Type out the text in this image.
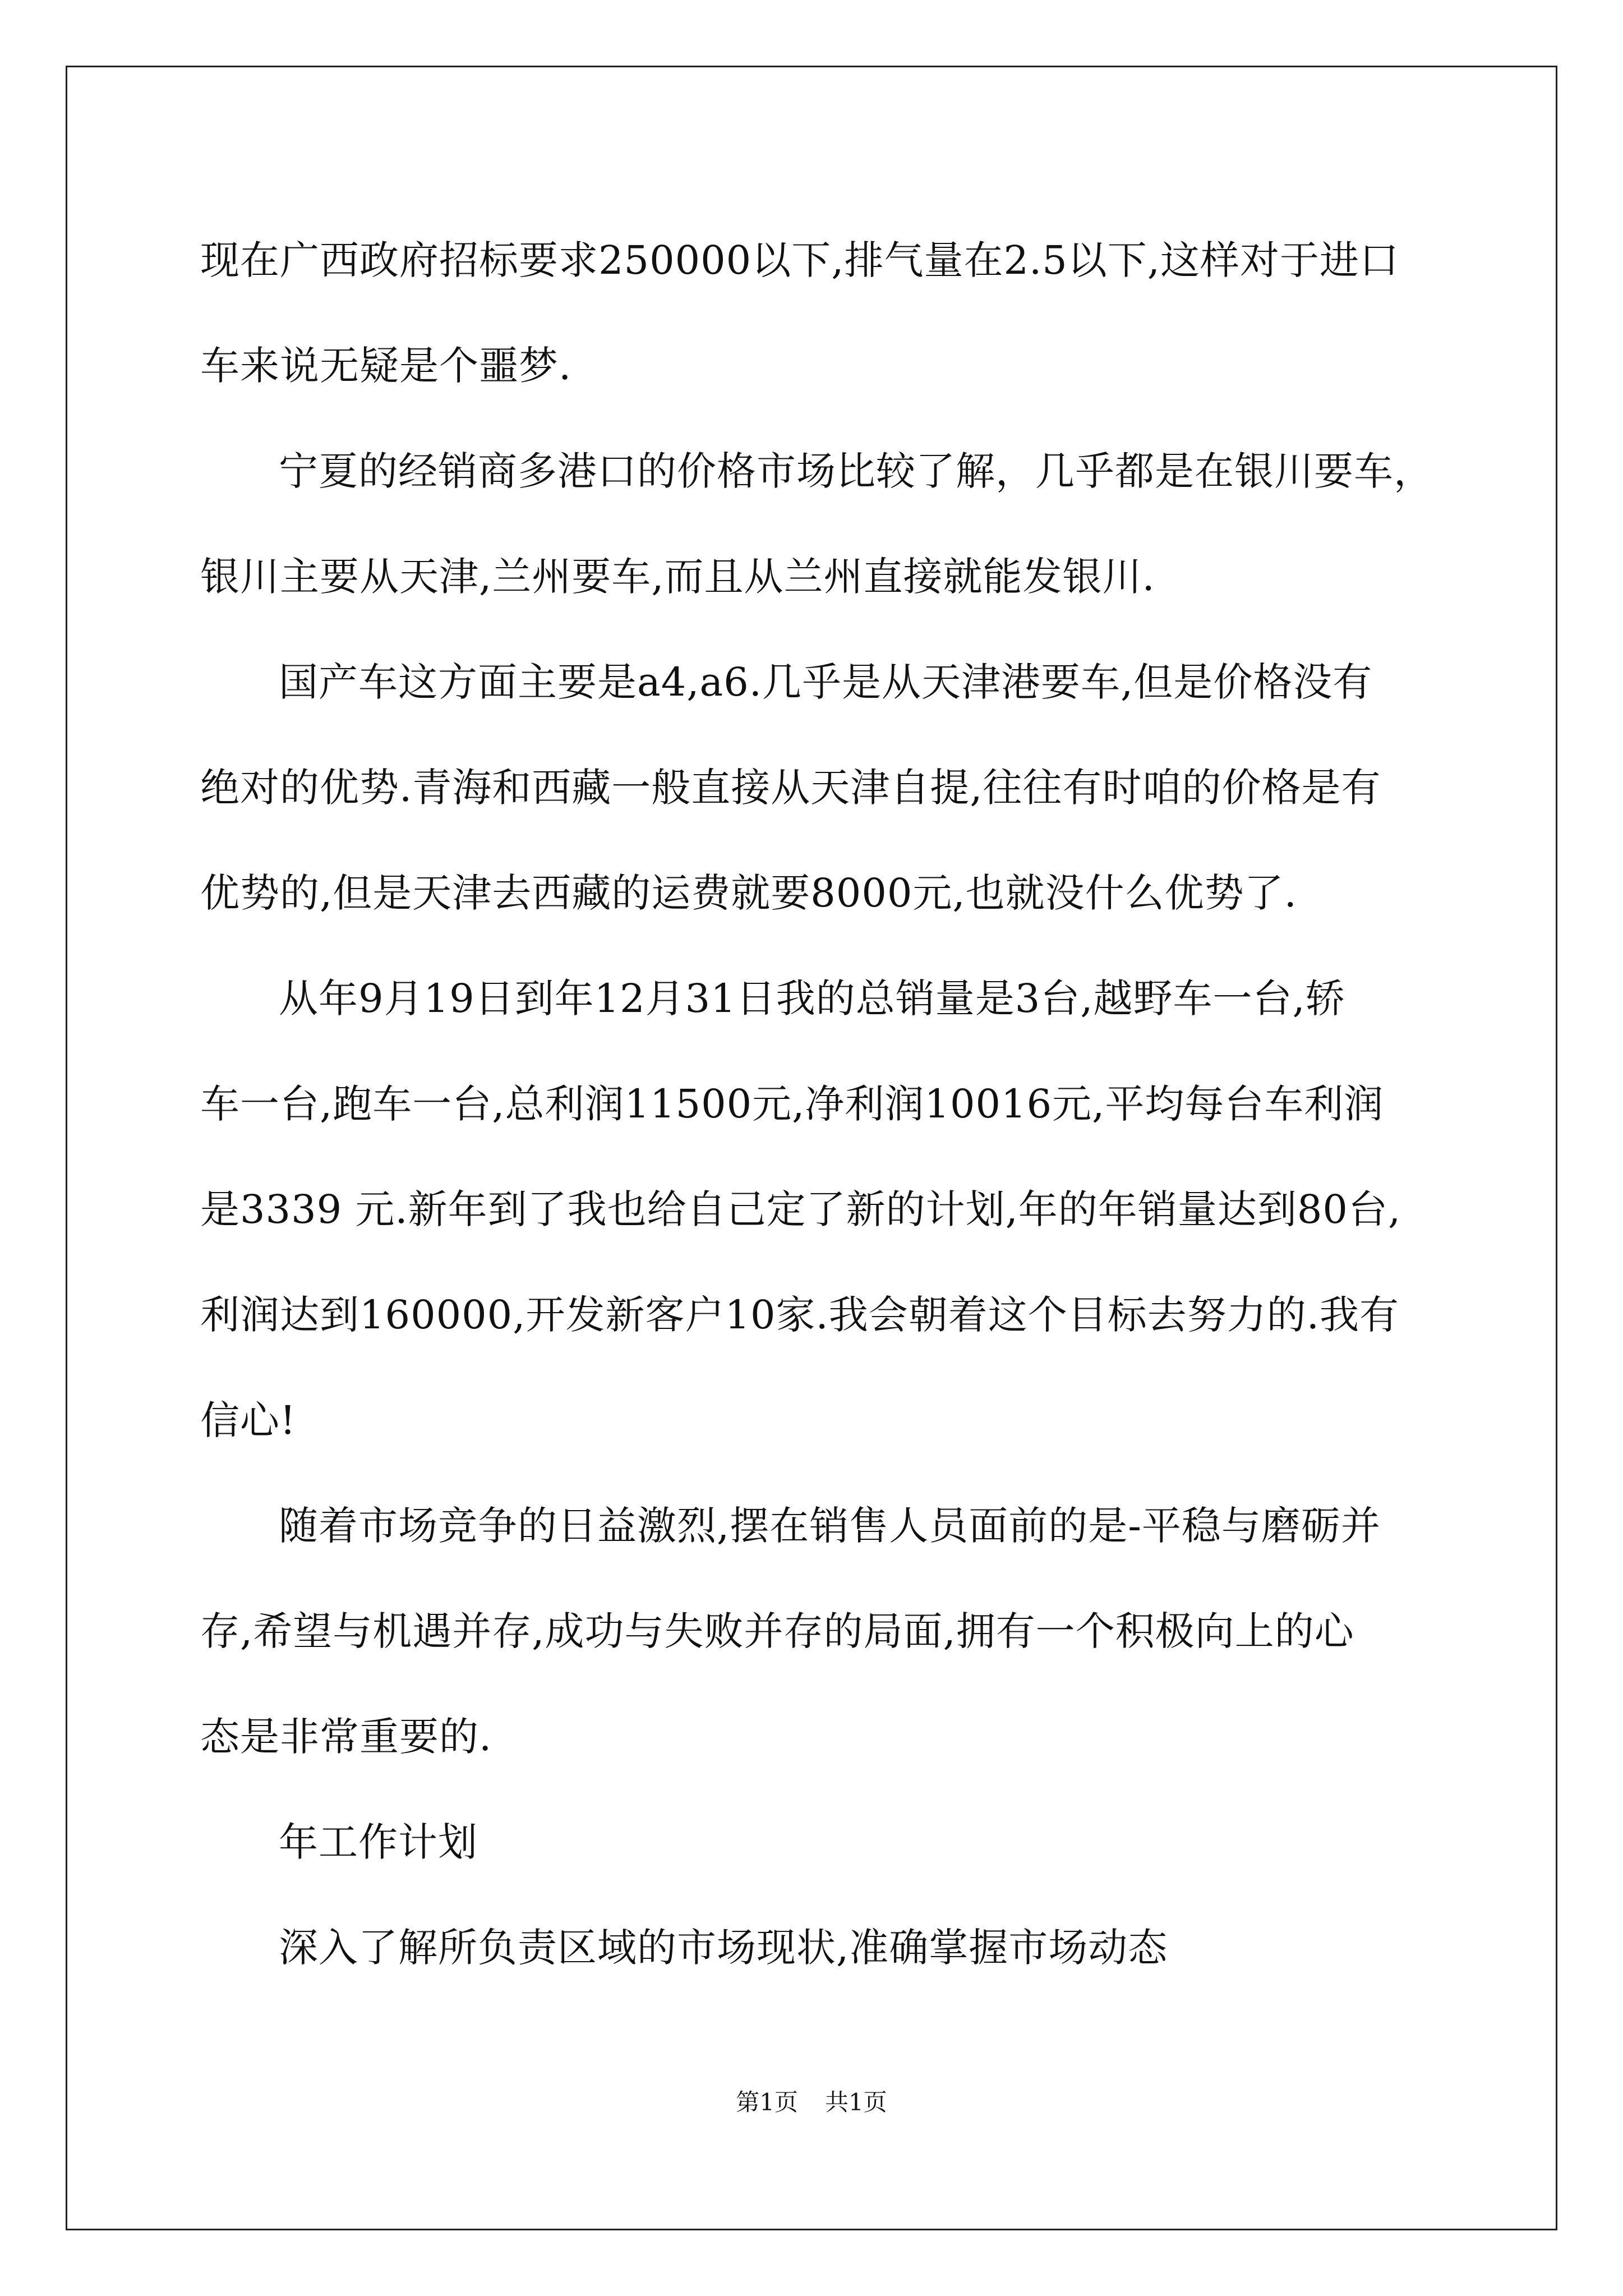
现在广西政府招标要求250000以下,排气量在2.5以下,这样对于进口
车来说无疑是个噩梦.
宁夏的经销商多港口的价格市场比较了解，几乎都是在银川要车，
银川主要从天津,兰州要车,而且从兰州直接就能发银川.
国产车这方面主要是a4,a6.几乎是从天津港要车,但是价格没有
绝对的优势.青海和西藏一般直接从天津自提,往往有时咱的价格是有
优势的,但是天津去西藏的运费就要8000元,也就没什么优势了.
从年9月19日到年12月31日我的总销量是3台,越野车一台,轿
车一台,跑车一台,总利润11500元,净利润10016元,平均每台车利润
是3339 元.新年到了我也给自己定了新的计划,年的年销量达到80台,
利润达到160000,开发新客户10家.我会朝着这个目标去努力的.我有
信心!
随着市场竞争的日益激烈,摆在销售人员面前的是-平稳与磨砺并
存,希望与机遇并存,成功与失败并存的局面,拥有一个积极向上的心
态是非常重要的.
年工作计划
深入了解所负责区域的市场现状,准确掌握市场动态
第1页 共1页
